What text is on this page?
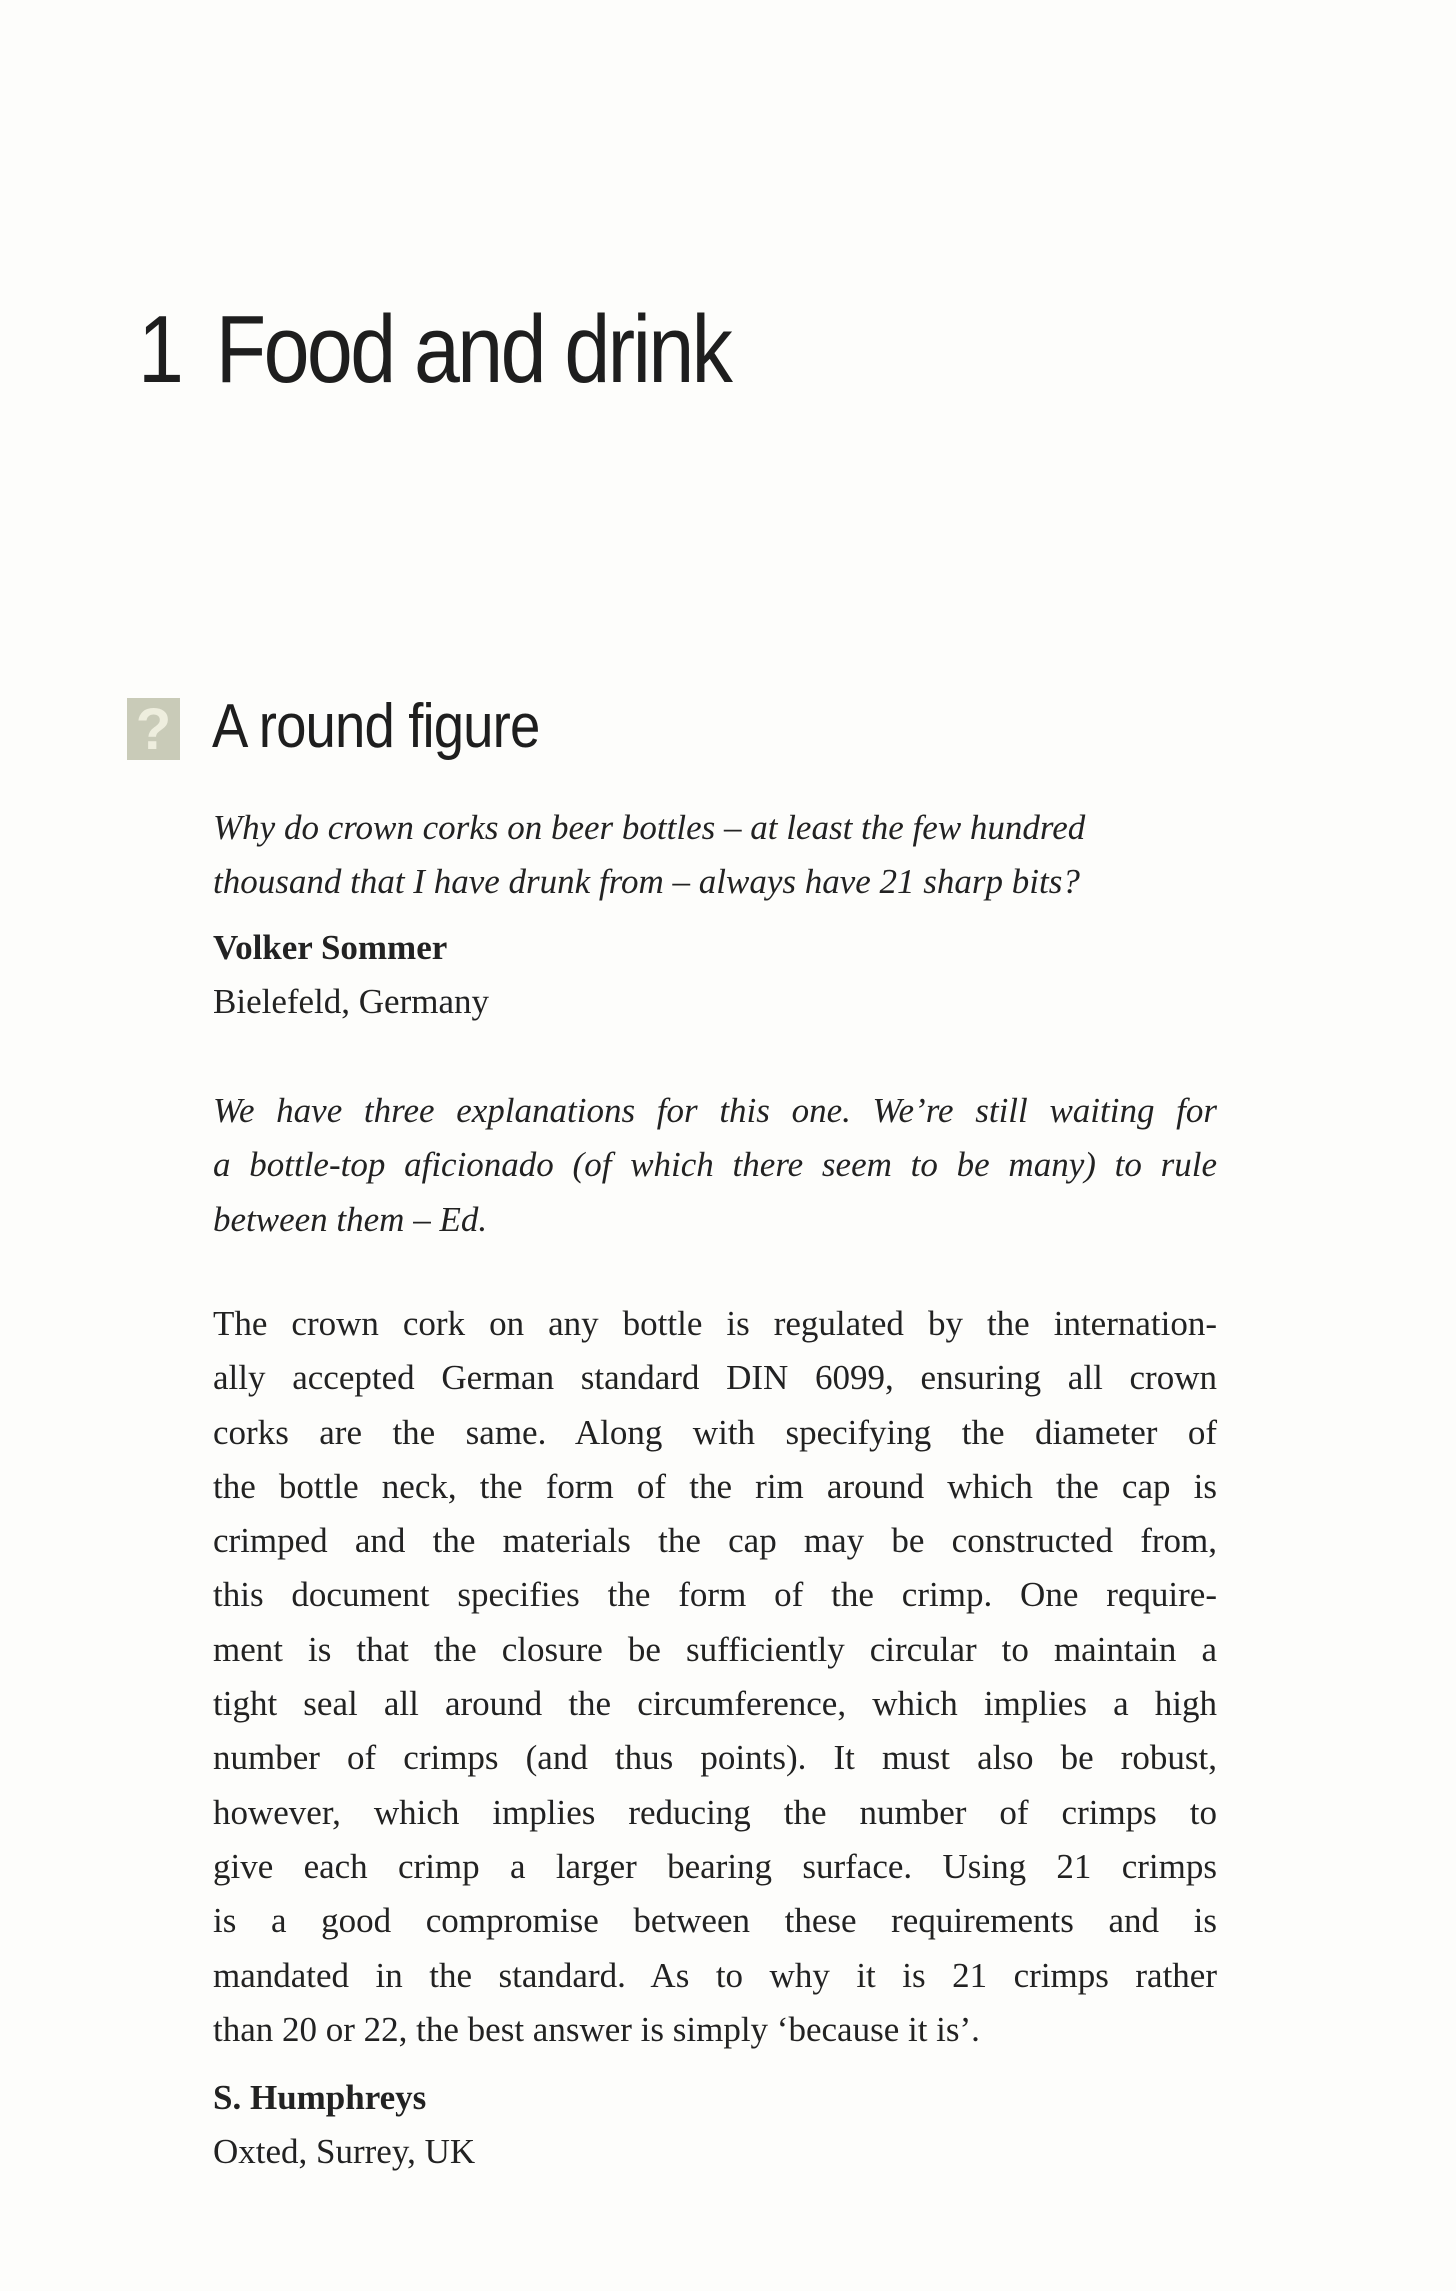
1 Food and drink
? A round figure
Why do crown corks on beer bottles – at least the few hundred
thousand that I have drunk from – always have 21 sharp bits?
Volker Sommer
Bielefeld, Germany
We have three explanations for this one. We’re still waiting for
a bottle-top aficionado (of which there seem to be many) to rule
between them – Ed.
The crown cork on any bottle is regulated by the internation-
ally accepted German standard DIN 6099, ensuring all crown
corks are the same. Along with specifying the diameter of
the bottle neck, the form of the rim around which the cap is
crimped and the materials the cap may be constructed from,
this document specifies the form of the crimp. One require-
ment is that the closure be sufficiently circular to maintain a
tight seal all around the circumference, which implies a high
number of crimps (and thus points). It must also be robust,
however, which implies reducing the number of crimps to
give each crimp a larger bearing surface. Using 21 crimps
is a good compromise between these requirements and is
mandated in the standard. As to why it is 21 crimps rather
than 20 or 22, the best answer is simply ‘because it is’.
S. Humphreys
Oxted, Surrey, UK
